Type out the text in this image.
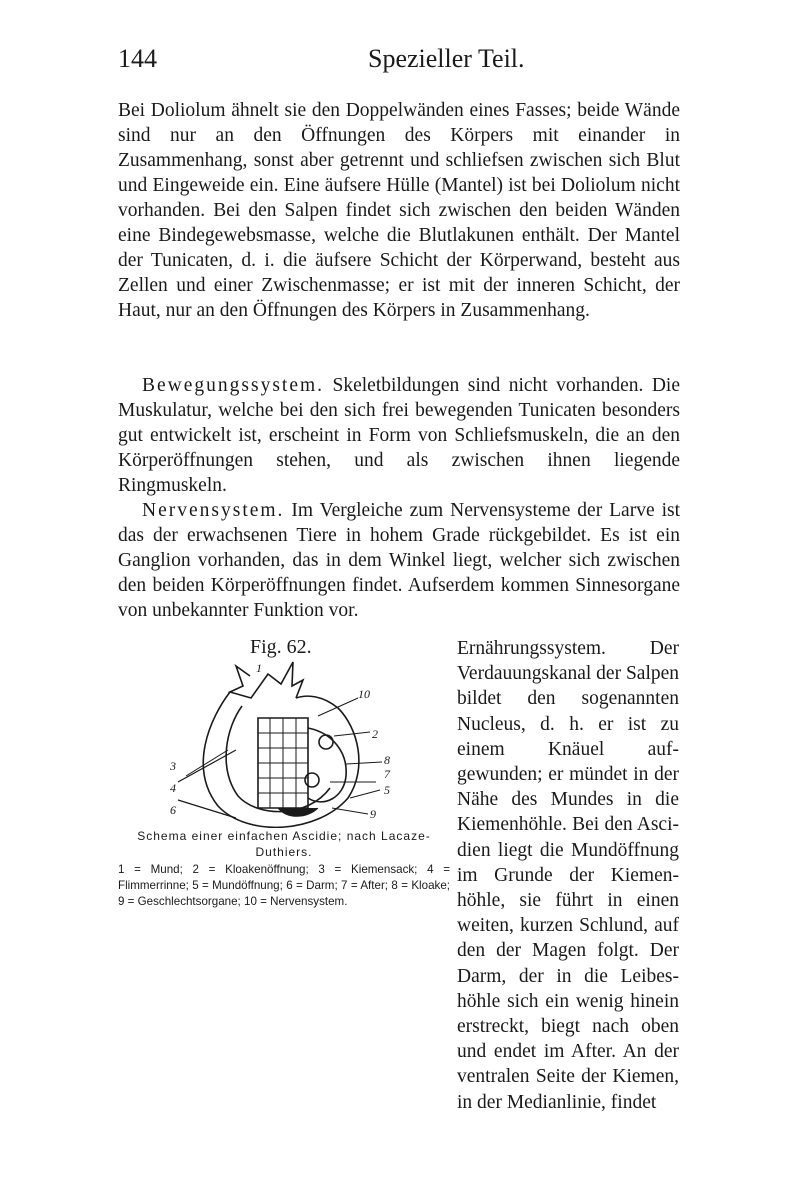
144	Spezieller Teil.

Bei Doliolum ähnelt sie den Doppelwänden eines Fasses; beide Wände sind nur an den Öffnungen des Körpers mit einander in Zusammenhang, sonst aber getrennt und schliefsen zwischen sich Blut und Eingeweide ein. Eine äufsere Hülle (Mantel) ist bei Doliolum nicht vorhanden. Bei den Salpen findet sich zwischen den beiden Wänden eine Bindegewebsmasse, welche die Blutlakunen enthält. Der Mantel der Tunicaten, d. i. die äufsere Schicht der Körperwand, besteht aus Zellen und einer Zwischenmasse; er ist mit der inneren Schicht, der Haut, nur an den Öffnungen des Körpers in Zusammenhang.

Bewegungssystem. Skeletbildungen sind nicht vorhanden. Die Muskulatur, welche bei den sich frei bewegenden Tunicaten besonders gut entwickelt ist, erscheint in Form von Schliefsmuskeln, die an den Körperöffnungen stehen, und als zwischen ihnen liegende Ringmuskeln.

Nervensystem. Im Vergleiche zum Nervensysteme der Larve ist das der erwachsenen Tiere in hohem Grade rückgebildet. Es ist ein Ganglion vorhanden, das in dem Winkel liegt, welcher sich zwischen den beiden Körperöffnungen findet. Aufserdem kommen Sinnesorgane von unbekannter Funktion vor.

Fig. 62.
1
2
3
4	5
6
7
8
9
10
Schema einer einfachen Ascidie; nach Lacaze-Duthiers.
1 = Mund; 2 = Kloakenöffnung; 3 = Kiemensack; 4 = Flimmerrinne; 5 = Mundöffnung; 6 = Darm; 7 = After; 8 = Kloake; 9 = Geschlechtsorgane; 10 = Nervensystem.

Ernährungssystem. Der Verdauungskanal der Salpen bildet den sogenannten Nucleus, d. h. er ist zu einem Knäuel aufgewunden; er mündet in der Nähe des Mundes in die Kiemenhöhle. Bei den Ascidien liegt die Mundöffnung im Grunde der Kiemenhöhle, sie führt in einen weiten, kurzen Schlund, auf den der Magen folgt. Der Darm, der in die Leibeshöhle sich ein wenig hinein erstreckt, biegt nach oben und endet im After. An der ventralen Seite der Kiemen, in der Medianlinie, findet
